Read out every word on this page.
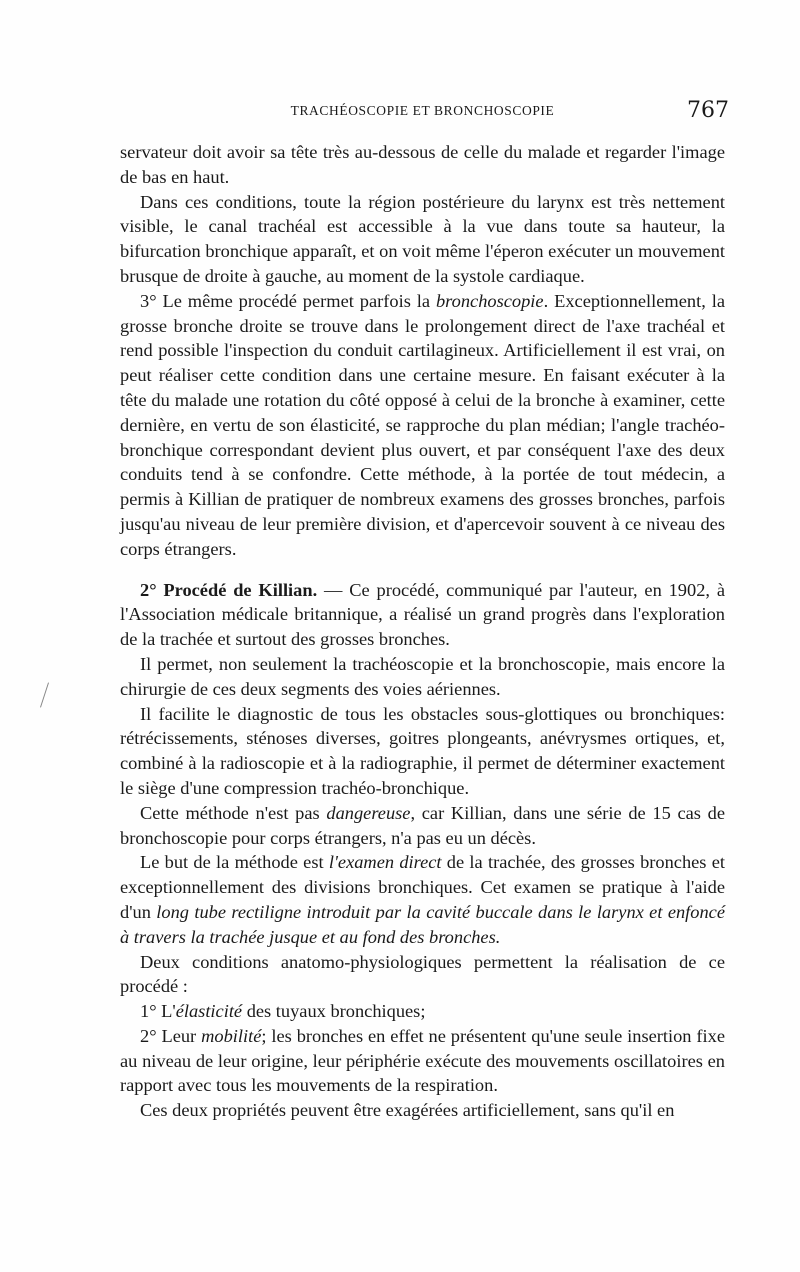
TRACHÉOSCOPIE ET BRONCHOSCOPIE	767

servateur doit avoir sa tête très au-dessous de celle du malade et regarder l'image de bas en haut.

Dans ces conditions, toute la région postérieure du larynx est très nettement visible, le canal trachéal est accessible à la vue dans toute sa hauteur, la bifurcation bronchique apparaît, et on voit même l'éperon exécuter un mouvement brusque de droite à gauche, au moment de la systole cardiaque.

3° Le même procédé permet parfois la bronchoscopie. Exceptionnellement, la grosse bronche droite se trouve dans le prolongement direct de l'axe trachéal et rend possible l'inspection du conduit cartilagineux. Artificiellement il est vrai, on peut réaliser cette condition dans une certaine mesure. En faisant exécuter à la tête du malade une rotation du côté opposé à celui de la bronche à examiner, cette dernière, en vertu de son élasticité, se rapproche du plan médian; l'angle trachéo-bronchique correspondant devient plus ouvert, et par conséquent l'axe des deux conduits tend à se confondre. Cette méthode, à la portée de tout médecin, a permis à Killian de pratiquer de nombreux examens des grosses bronches, parfois jusqu'au niveau de leur première division, et d'apercevoir souvent à ce niveau des corps étrangers.

2° Procédé de Killian. — Ce procédé, communiqué par l'auteur, en 1902, à l'Association médicale britannique, a réalisé un grand progrès dans l'exploration de la trachée et surtout des grosses bronches.

Il permet, non seulement la trachéoscopie et la bronchoscopie, mais encore la chirurgie de ces deux segments des voies aériennes.

Il facilite le diagnostic de tous les obstacles sous-glottiques ou bronchiques: rétrécissements, sténoses diverses, goitres plongeants, anévrysmes ortiques, et, combiné à la radioscopie et à la radiographie, il permet de déterminer exactement le siège d'une compression trachéo-bronchique.

Cette méthode n'est pas dangereuse, car Killian, dans une série de 15 cas de bronchoscopie pour corps étrangers, n'a pas eu un décès.

Le but de la méthode est l'examen direct de la trachée, des grosses bronches et exceptionnellement des divisions bronchiques. Cet examen se pratique à l'aide d'un long tube rectiligne introduit par la cavité buccale dans le larynx et enfoncé à travers la trachée jusque et au fond des bronches.

Deux conditions anatomo-physiologiques permettent la réalisation de ce procédé :

1° L'élasticité des tuyaux bronchiques;

2° Leur mobilité; les bronches en effet ne présentent qu'une seule insertion fixe au niveau de leur origine, leur périphérie exécute des mouvements oscillatoires en rapport avec tous les mouvements de la respiration.

Ces deux propriétés peuvent être exagérées artificiellement, sans qu'il en
